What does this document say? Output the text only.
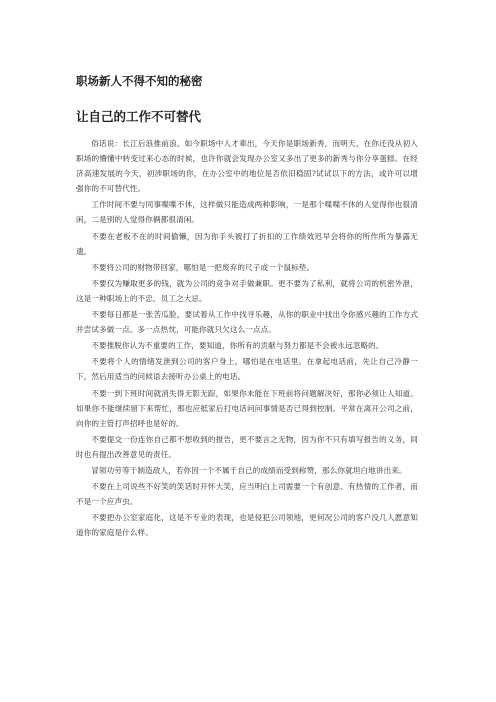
职场新人不得不知的秘密
让自己的工作不可替代

俗话说：长江后浪推前浪。如今职场中人才辈出，今天你是职场新秀，而明天，在你还没从初入职场的懵懂中转变过来心态的时候，也许你就会发现办公室又多出了更多的新秀与你分享蛋糕。在经济高速发展的今天，初涉职场的你，在办公室中的地位是否依旧稳固?试试以下的方法，或许可以增强你的不可替代性。

工作时间不要与同事喋喋不休，这样做只能造成两种影响，一是那个喋喋不休的人觉得你也很清闲，二是别的人觉得你俩都很清闲。

不要在老板不在的时间偷懒，因为你手头被打了折扣的工作绩效迟早会将你的所作所为暴露无遗。

不要将公司的财物带回家，哪怕是一把废弃的尺子或一个鼠标垫。

不要仅为赚取更多的钱，就为公司的竞争对手做兼职。更不要为了私利，就将公司的机密外泄，这是一种职场上的不忠，员工之大忌。

不要每日都是一张苦瓜脸，要试着从工作中找寻乐趣，从你的职业中找出令你感兴趣的工作方式并尝试多做一点。多一点热忱，可能你就只欠这么一点点。

不要推脱你认为不重要的工作，要知道，你所有的贡献与努力都是不会被永远忽略的。

不要将个人的情绪发泄到公司的客户身上，哪怕是在电话里。在拿起电话前，先让自己冷静一下，然后用适当的问候语去接听办公桌上的电话。

不要一到下班时间就消失得无影无踪，如果你未能在下班前将问题解决好，那你必须让人知道。如果你不能继续留下来帮忙，那也应抵家后打电话问问事情是否已得到控制。平常在离开公司之前，向你的主管打声招呼也是好的。

不要提交一份连你自己都不想收到的报告，更不要言之无物，因为你不只有填写报告的义务，同时也有提出改善意见的责任。

冒领功劳等于制造敌人，若你因一个不属于自己的成绩而受到称赞，那么你就坦白地讲出来。

不要在上司说些不好笑的笑话时开怀大笑，应当明白上司需要一个有创意、有热情的工作者，而不是一个应声虫。

不要把办公室家庭化，这是不专业的表现，也是侵犯公司领地，更何况公司的客户没几人愿意知道你的家庭是什么样。
